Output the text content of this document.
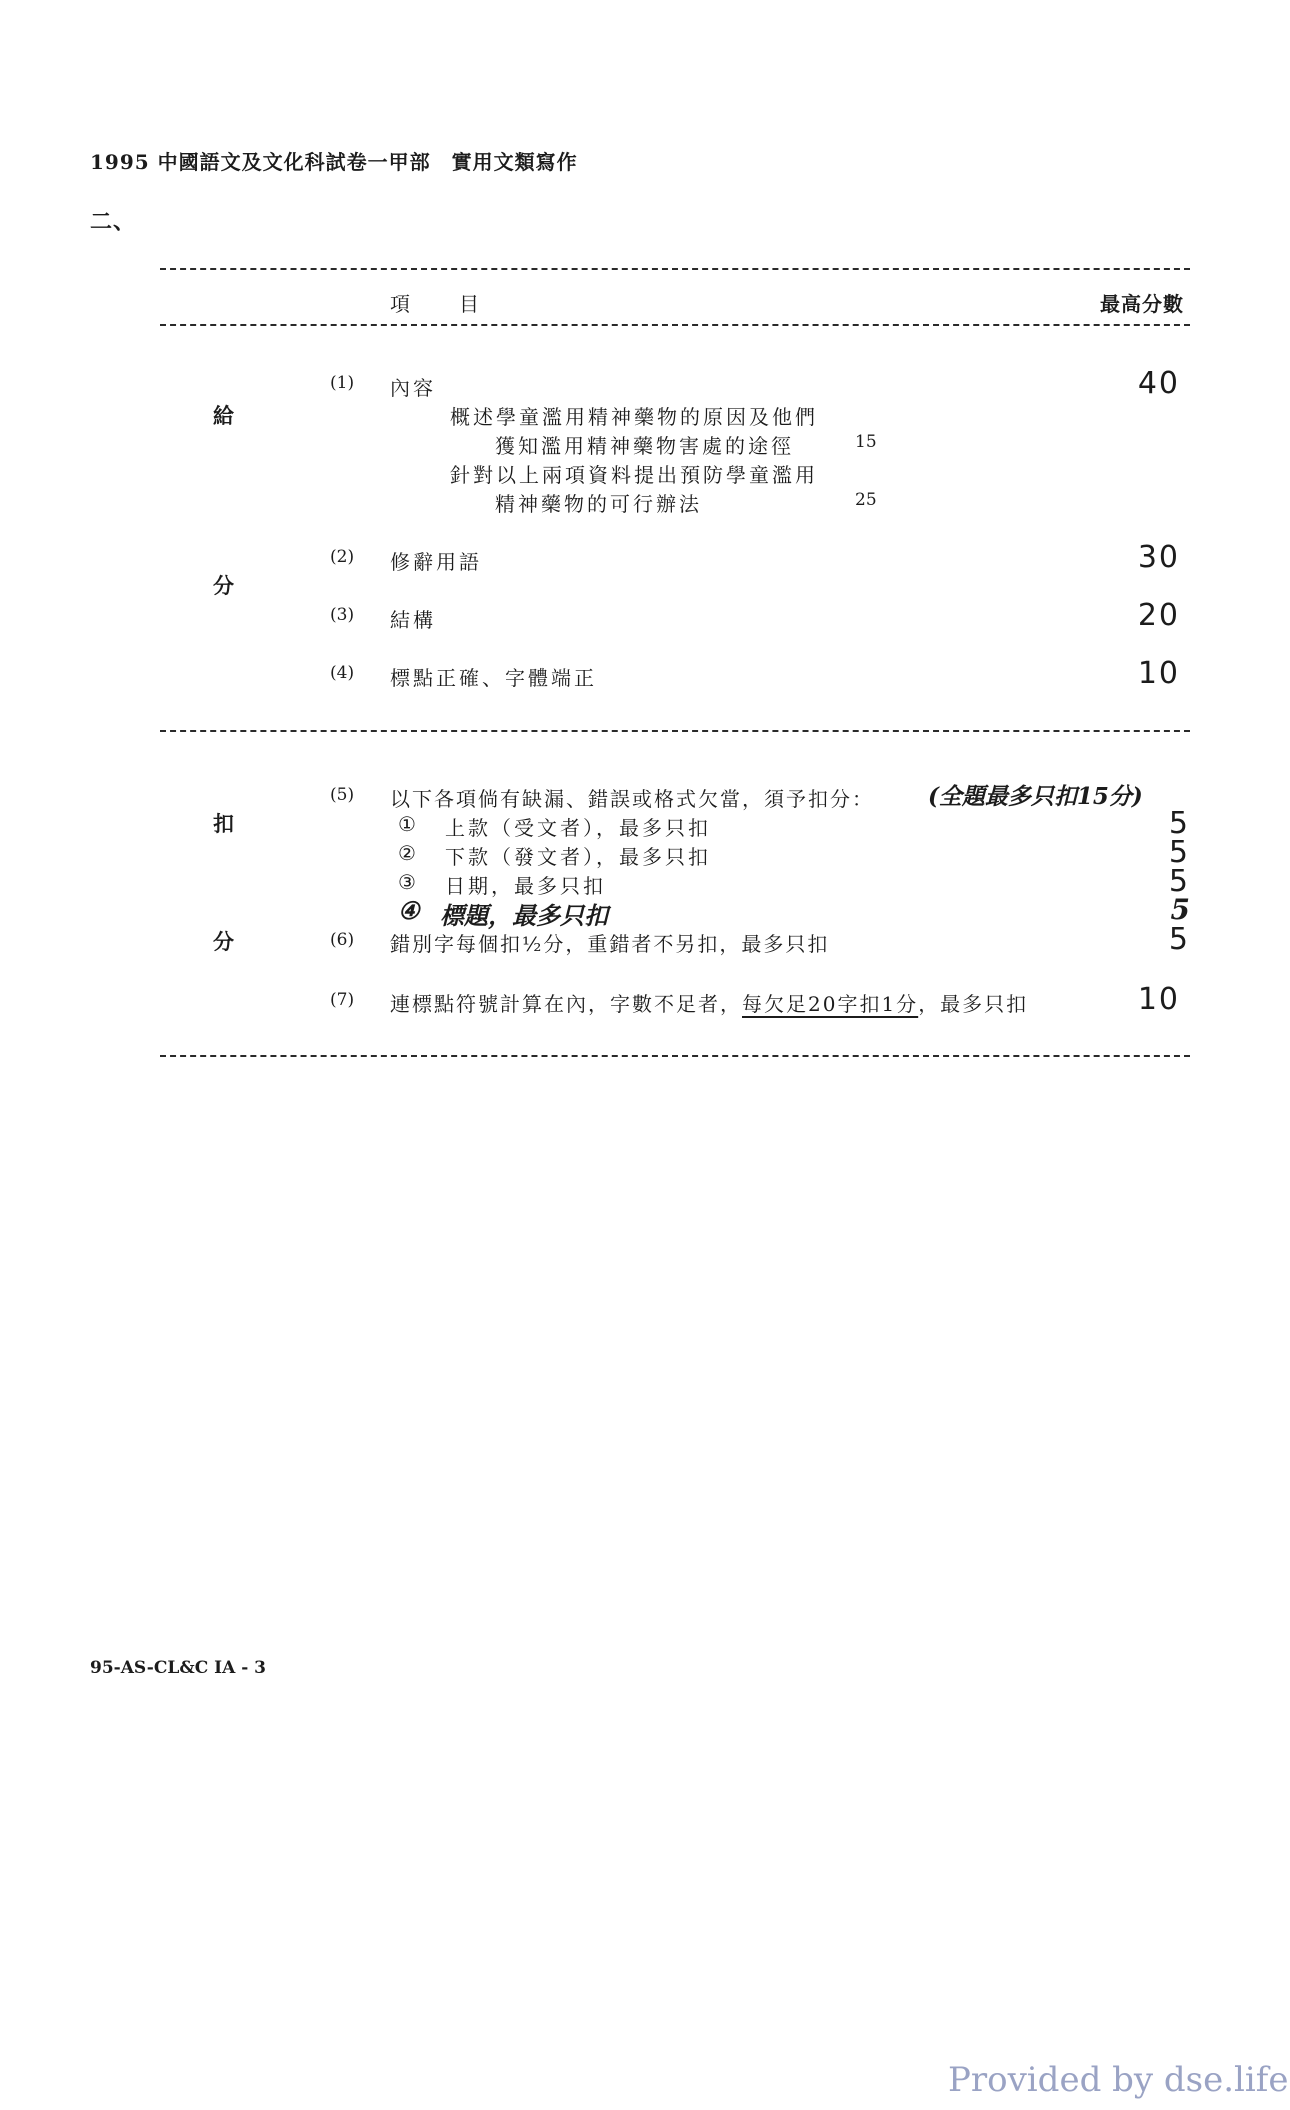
1995 中國語文及文化科試卷一甲部　實用文類寫作
二、
項　　目	最高分數
給
分
(1) 內容	40
概述學童濫用精神藥物的原因及他們
獲知濫用精神藥物害處的途徑	15
針對以上兩項資料提出預防學童濫用
精神藥物的可行辦法	25
(2) 修辭用語	30
(3) 結構	20
(4) 標點正確、字體端正	10
扣
分
(5) 以下各項倘有缺漏、錯誤或格式欠當，須予扣分： (全題最多只扣15分)
① 上款（受文者），最多只扣	5
② 下款（發文者），最多只扣	5
③ 日期，最多只扣	5
④ 標題，最多只扣	5
(6) 錯別字每個扣½分，重錯者不另扣，最多只扣	5
(7) 連標點符號計算在內，字數不足者，每欠足20字扣1分，最多只扣	10
95-AS-CL&C IA - 3
Provided by dse.life
